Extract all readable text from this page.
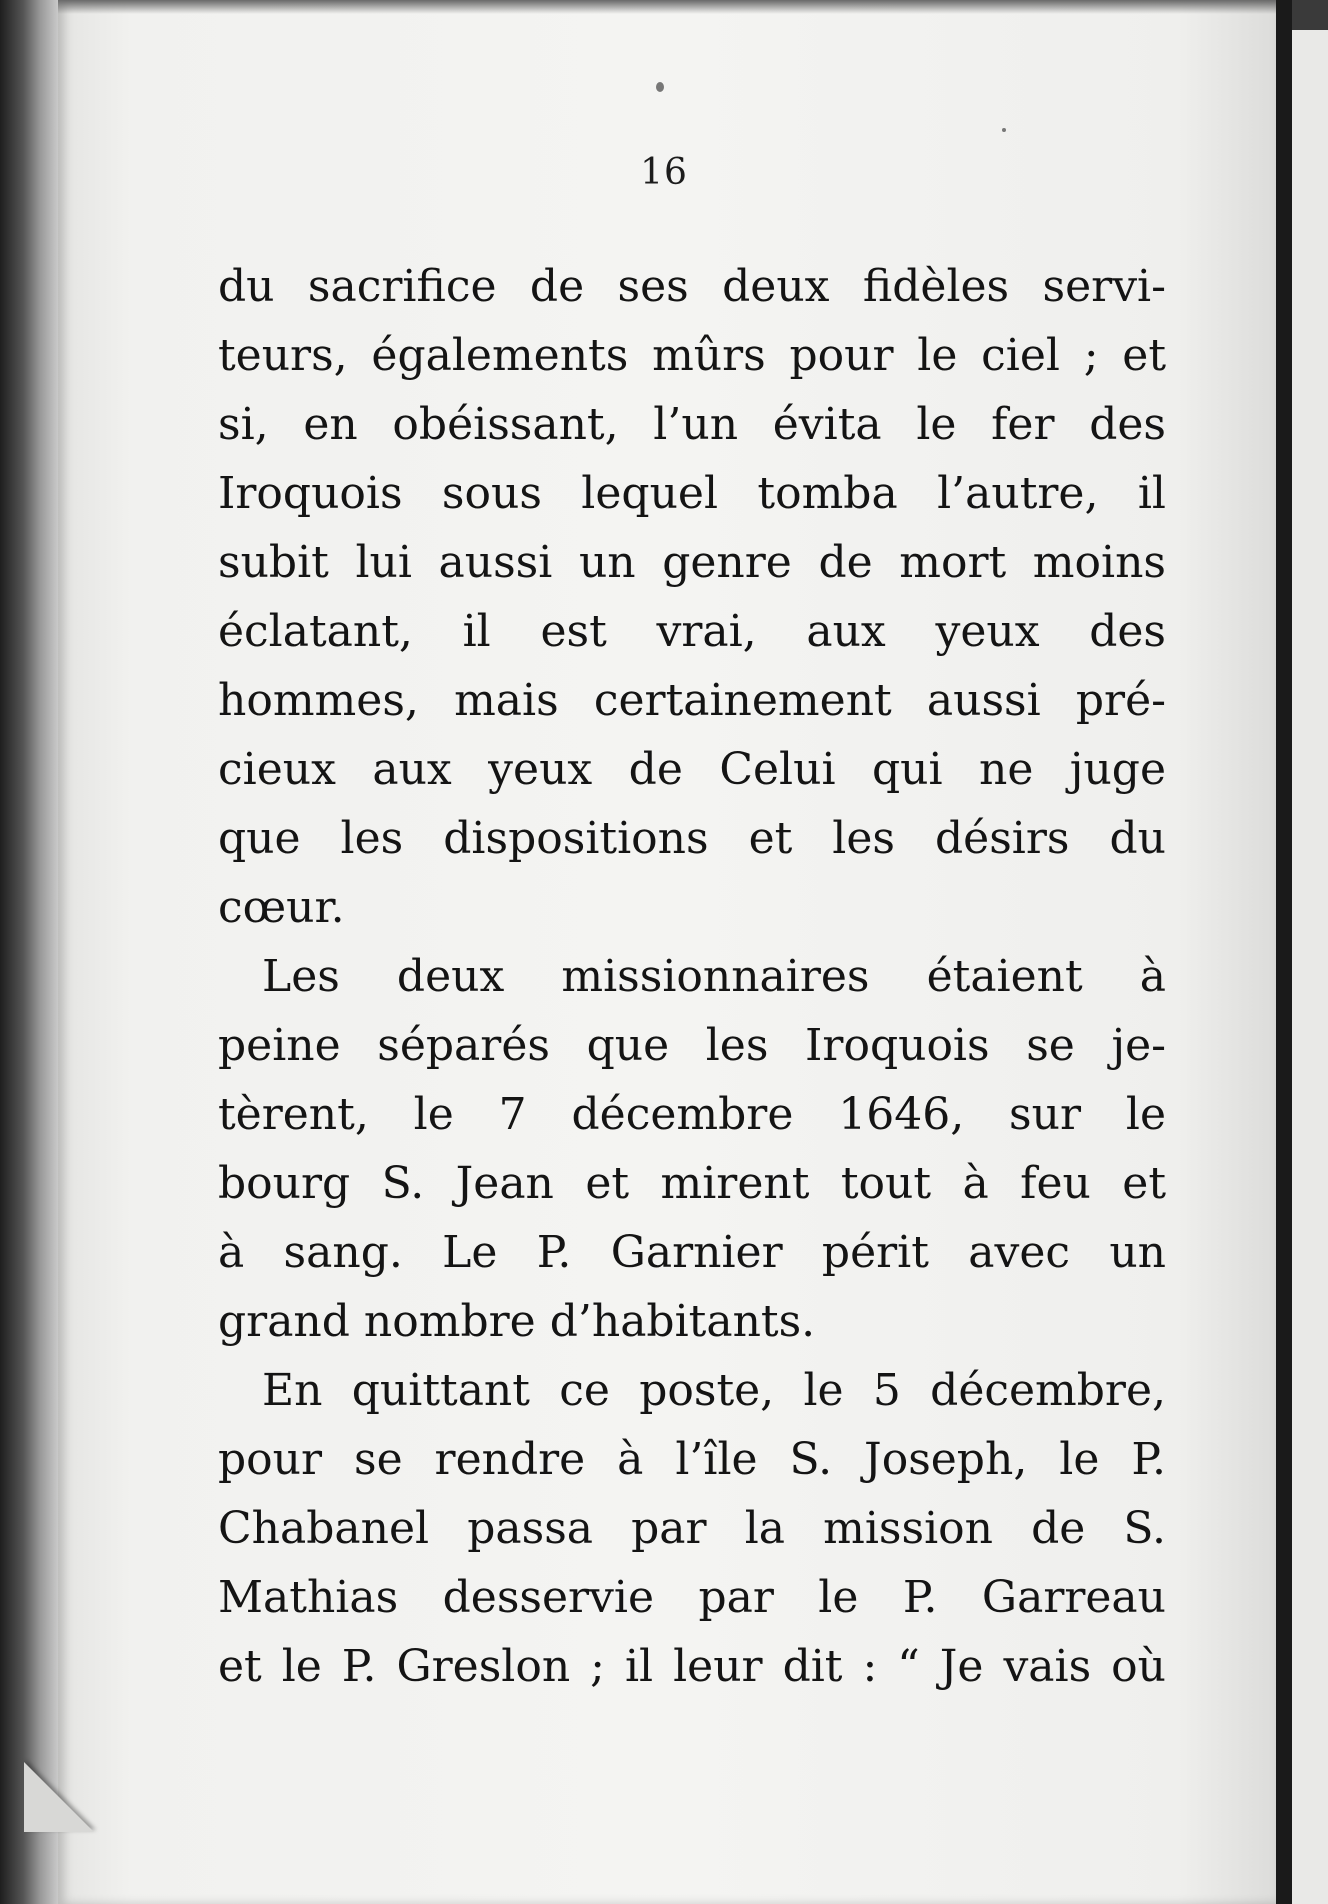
16
du sacrifice de ses deux fidèles servi-
teurs, égalements mûrs pour le ciel ; et
si, en obéissant, l’un évita le fer des
Iroquois sous lequel tomba l’autre, il
subit lui aussi un genre de mort moins
éclatant, il est vrai, aux yeux des
hommes, mais certainement aussi pré-
cieux aux yeux de Celui qui ne juge
que les dispositions et les désirs du
cœur.
Les deux missionnaires étaient à
peine séparés que les Iroquois se je-
tèrent, le 7 décembre 1646, sur le
bourg S. Jean et mirent tout à feu et
à sang. Le P. Garnier périt avec un
grand nombre d’habitants.
En quittant ce poste, le 5 décembre,
pour se rendre à l’île S. Joseph, le P.
Chabanel passa par la mission de S.
Mathias desservie par le P. Garreau
et le P. Greslon ; il leur dit : “ Je vais où
